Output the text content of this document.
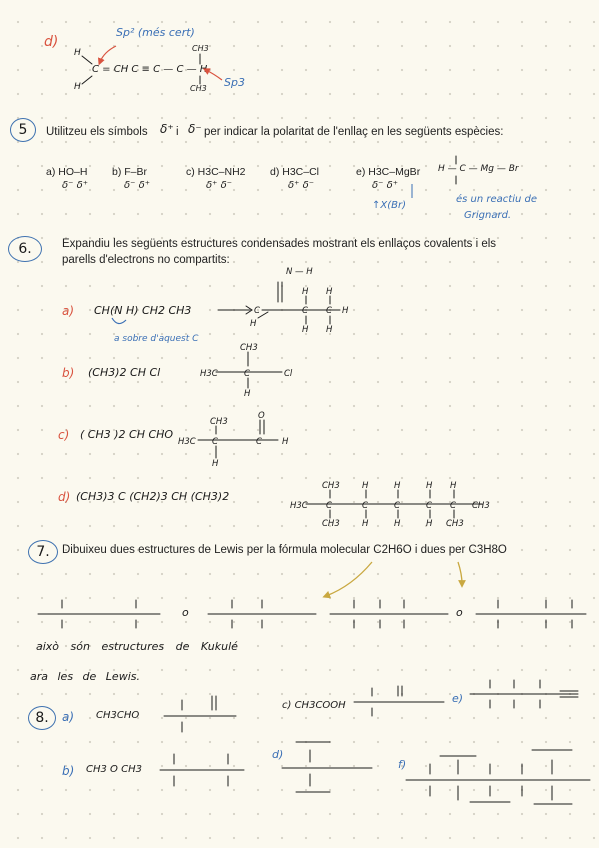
d)
Sp² (més cert)
Sp3
H
H
C = CH C ≡ C — C — H
CH3
CH3
5	Utilitzeu els símbols δ⁺ i δ⁻ per indicar la polaritat de l'enllaç en les següents espècies:
a) HO–H
δ⁻ δ⁺
b) F–Br
δ⁻ δ⁺
c) H3C–NH2
δ⁺ δ⁻
d) H3C–Cl
δ⁺ δ⁻
e) H3C–MgBr
δ⁻ δ⁺
H — C — Mg — Br
↑X(Br)
és un reactiu de
Grignard.
6.	Expandiu les següents estructures condensades mostrant els enllaços covalents i els
parells d'electrons no compartits:
a) CH(N H) CH2 CH3
a sobre d'aquest C
b) (CH3)2 CH Cl
c) ( CH3 )2 CH CHO
d) (CH3)3 C (CH2)3 CH (CH3)2
7.	Dibuixeu dues estructures de Lewis per la fórmula molecular C2H6O i dues per C3H8O
o	o
això són estructures de Kukulé
ara les de Lewis.
8.	a) CH3CHO
b) CH3 O CH3
c) CH3COOH
e)
d)
f)
N — H
C	C C H
H
H
H
H
H
H3C	C	Cl
CH3
H
H3C C	C H
CH3
O
H
H3C C	C	C	C C CH3
CH3
CH3
H
H
H
H
H
H
H
CH3
